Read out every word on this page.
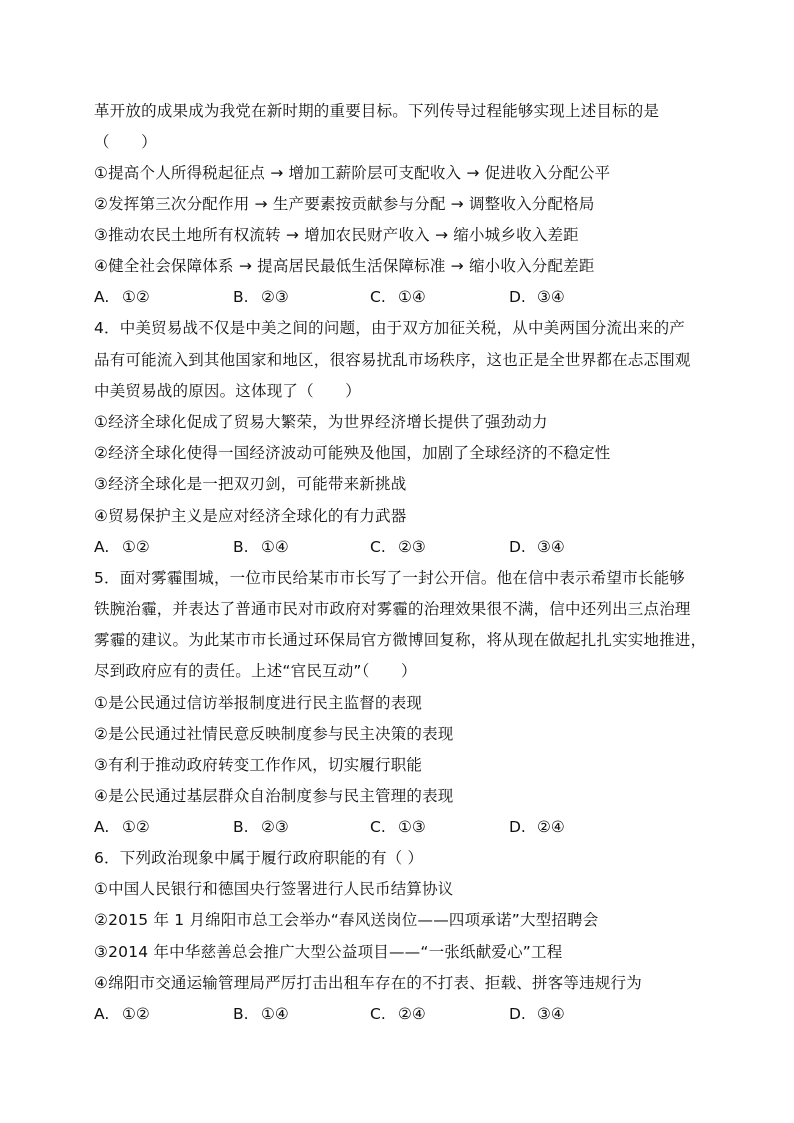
革开放的成果成为我党在新时期的重要目标。下列传导过程能够实现上述目标的是
（　　）
①提高个人所得税起征点 → 增加工薪阶层可支配收入 → 促进收入分配公平
②发挥第三次分配作用 → 生产要素按贡献参与分配 → 调整收入分配格局
③推动农民土地所有权流转 → 增加农民财产收入 → 缩小城乡收入差距
④健全社会保障体系 → 提高居民最低生活保障标准 → 缩小收入分配差距
A. ①②	B. ②③	C. ①④	D. ③④
4．中美贸易战不仅是中美之间的问题，由于双方加征关税，从中美两国分流出来的产
品有可能流入到其他国家和地区，很容易扰乱市场秩序，这也正是全世界都在忐忑围观
中美贸易战的原因。这体现了（　　）
①经济全球化促成了贸易大繁荣，为世界经济增长提供了强劲动力
②经济全球化使得一国经济波动可能殃及他国，加剧了全球经济的不稳定性
③经济全球化是一把双刃剑，可能带来新挑战
④贸易保护主义是应对经济全球化的有力武器
A. ①②	B. ①④	C. ②③	D. ③④
5．面对雾霾围城，一位市民给某市市长写了一封公开信。他在信中表示希望市长能够
铁腕治霾，并表达了普通市民对市政府对雾霾的治理效果很不满，信中还列出三点治理
雾霾的建议。为此某市市长通过环保局官方微博回复称，将从现在做起扎扎实实地推进，
尽到政府应有的责任。上述“官民互动”（　　）
①是公民通过信访举报制度进行民主监督的表现
②是公民通过社情民意反映制度参与民主决策的表现
③有利于推动政府转变工作作风，切实履行职能
④是公民通过基层群众自治制度参与民主管理的表现
A. ①②	B. ②③	C. ①③	D. ②④
6．下列政治现象中属于履行政府职能的有（ ）
①中国人民银行和德国央行签署进行人民币结算协议
②2015 年 1 月绵阳市总工会举办“春风送岗位——四项承诺”大型招聘会
③2014 年中华慈善总会推广大型公益项目——“一张纸献爱心”工程
④绵阳市交通运输管理局严厉打击出租车存在的不打表、拒载、拼客等违规行为
A. ①②	B. ①④	C. ②④	D. ③④
